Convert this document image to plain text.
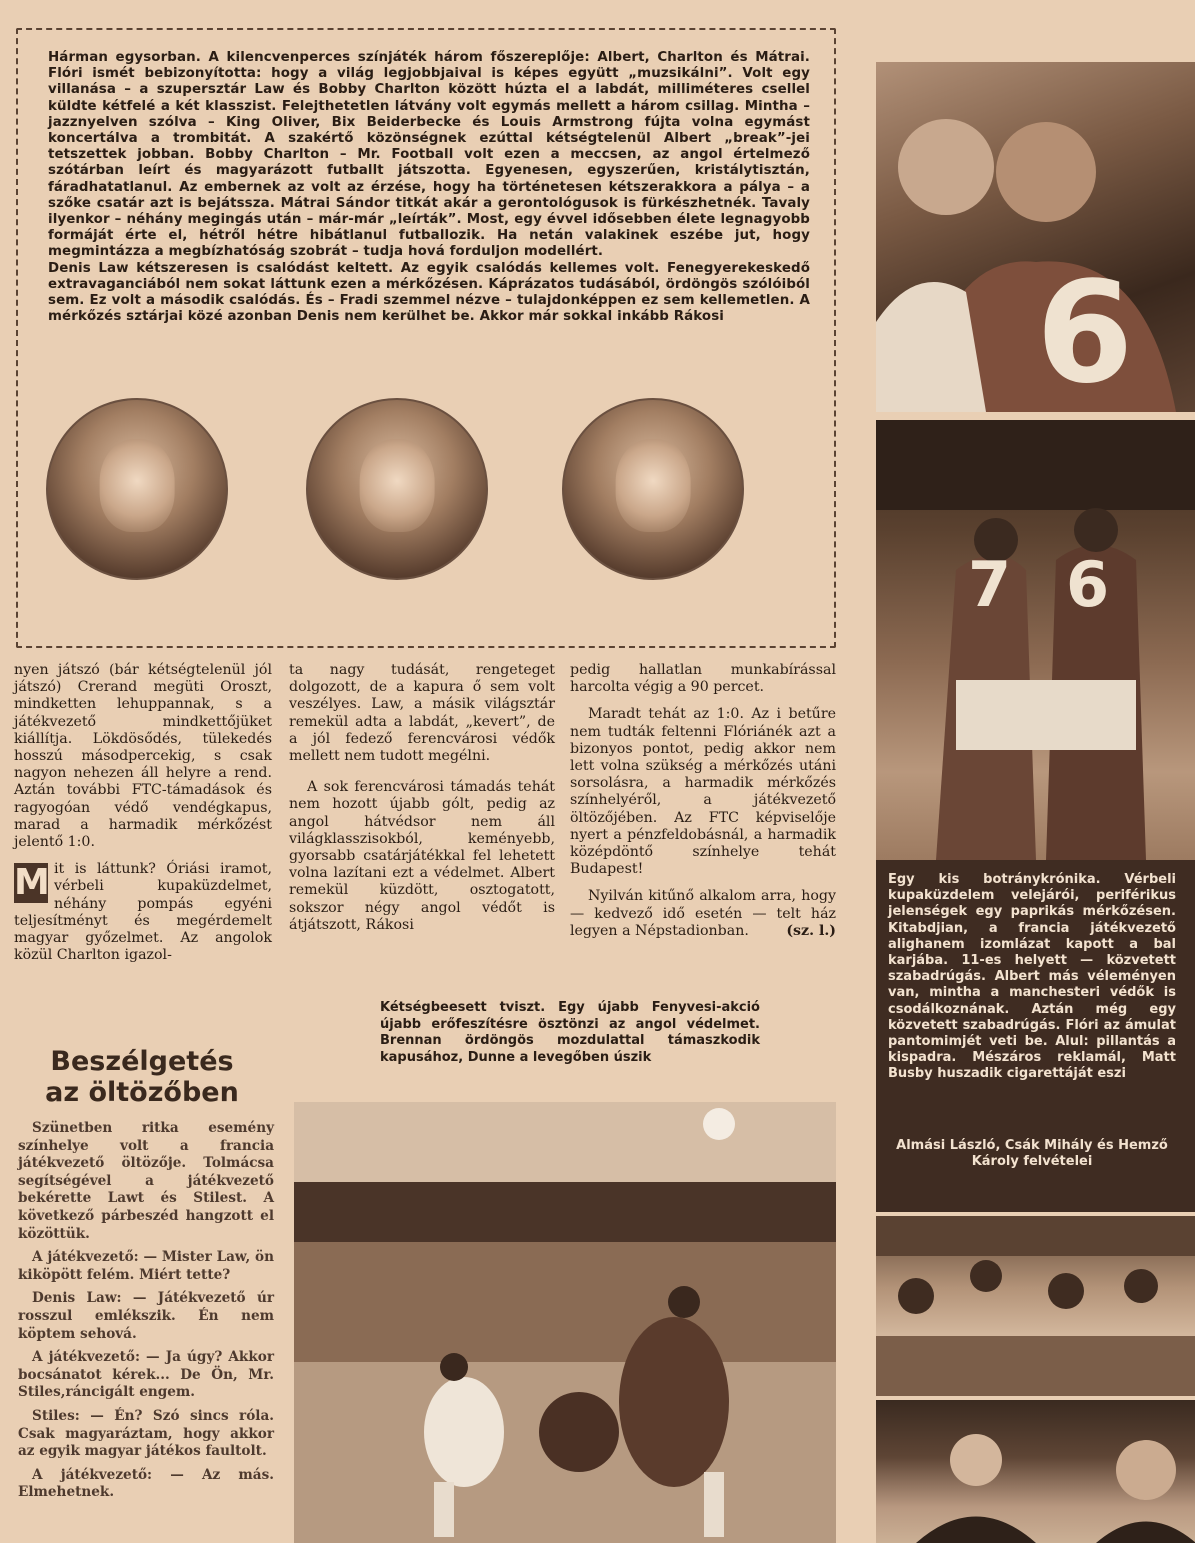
Hárman egysorban. A kilencvenperces színjáték három főszereplője: Albert, Charlton és Mátrai. Flóri ismét bebizonyította: hogy a világ legjobbjaival is képes együtt „muzsikálni”. Volt egy villanása – a szupersztár Law és Bobby Charlton között húzta el a labdát, milliméteres csellel küldte kétfelé a két klasszist. Felejthetetlen látvány volt egymás mellett a három csillag. Mintha – jazznyelven szólva – King Oliver, Bix Beiderbecke és Louis Armstrong fújta volna egymást koncertálva a trombitát. A szakértő közönségnek ezúttal kétségtelenül Albert „break”-jei tetszettek jobban. Bobby Charlton – Mr. Football volt ezen a meccsen, az angol értelmező szótárban leírt és magyarázott futballt játszotta. Egyenesen, egyszerűen, kristálytisztán, fáradhatatlanul. Az embernek az volt az érzése, hogy ha történetesen kétszerakkora a pálya – a szőke csatár azt is bejátssza. Mátrai Sándor titkát akár a gerontológusok is fürkészhetnék. Tavaly ilyenkor – néhány megingás után – már-már „leírták”. Most, egy évvel idősebben élete legnagyobb formáját érte el, hétről hétre hibátlanul futballozik. Ha netán valakinek eszébe jut, hogy megmintázza a megbízhatóság szobrát – tudja hová forduljon modellért.
Denis Law kétszeresen is csalódást keltett. Az egyik csalódás kellemes volt. Fenegyerekeskedő extravaganciából nem sokat láttunk ezen a mérkőzésen. Káprázatos tudásából, ördöngös szólóiból sem. Ez volt a második csalódás. És – Fradi szemmel nézve – tulajdonképpen ez sem kellemetlen. A mérkőzés sztárjai közé azonban Denis nem kerülhet be. Akkor már sokkal inkább Rákosi

nyen játszó (bár kétségtelenül jól játszó) Crerand megüti Oroszt, mindketten lehuppannak, s a játékvezető mindkettőjüket kiállítja. Lökdösődés, tülekedés hosszú másodpercekig, s csak nagyon nehezen áll helyre a rend. Aztán további FTC-támadások és ragyogóan védő vendégkapus, marad a harmadik mérkőzést jelentő 1:0.

M it is láttunk? Óriási iramot, vérbeli kupaküzdelmet, néhány pompás egyéni teljesítményt és megérdemelt magyar győzelmet. Az angolok közül Charlton igazol-

ta nagy tudását, rengeteget dolgozott, de a kapura ő sem volt veszélyes. Law, a másik világsztár remekül adta a labdát, „kevert”, de a jól fedező ferencvárosi védők mellett nem tudott megélni.

A sok ferencvárosi támadás tehát nem hozott újabb gólt, pedig az angol hátvédsor nem áll világklasszisokból, keményebb, gyorsabb csatárjátékkal fel lehetett volna lazítani ezt a védelmet. Albert remekül küzdött, osztogatott, sokszor négy angol védőt is átjátszott, Rákosi

pedig hallatlan munkabírással harcolta végig a 90 percet.

Maradt tehát az 1:0. Az i betűre nem tudták feltenni Flóriánék azt a bizonyos pontot, pedig akkor nem lett volna szükség a mérkőzés utáni sorsolásra, a harmadik mérkőzés színhelyéről, a játékvezető öltözőjében. Az FTC képviselője nyert a pénzfeldobásnál, a harmadik középdöntő színhelye tehát Budapest!

Nyilván kitűnő alkalom arra, hogy — kedvező idő esetén — telt ház legyen a Népstadionban.	(sz. l.)
Beszélgetés
az öltözőben

Szünetben ritka esemény színhelye volt a francia játékvezető öltözője. Tolmácsa segítségével a játékvezető bekérette Lawt és Stilest. A következő párbeszéd hangzott el közöttük.

A játékvezető: — Mister Law, ön kiköpött felém. Miért tette?

Denis Law: — Játékvezető úr rosszul emlékszik. Én nem köptem sehová.

A játékvezető: — Ja úgy? Akkor bocsánatot kérek... De Ön, Mr. Stiles,ráncigált engem.

Stiles: — Én? Szó sincs róla. Csak magyaráztam, hogy akkor az egyik magyar játékos faultolt.

A játékvezető: — Az más. Elmehetnek.

Kétségbeesett tviszt. Egy újabb Fenyvesi-akció újabb erőfeszítésre ösztönzi az angol védelmet. Brennan ördöngös mozdulattal támaszkodik kapusához, Dunne a levegőben úszik
6
7 6
Egy kis botránykrónika. Vérbeli kupaküzdelem velejárói, periférikus jelenségek egy paprikás mérkőzésen. Kitabdjian, a francia játékvezető alighanem izomlázat kapott a bal karjába. 11-es helyett — közvetett szabadrúgás. Albert más véleményen van, mintha a manchesteri védők is csodálkoznának. Aztán még egy közvetett szabadrúgás. Flóri az ámulat pantomimjét veti be. Alul: pillantás a kispadra. Mészáros reklamál, Matt Busby huszadik cigarettáját eszi
Almási László, Csák Mihály és Hemző Károly felvételei
